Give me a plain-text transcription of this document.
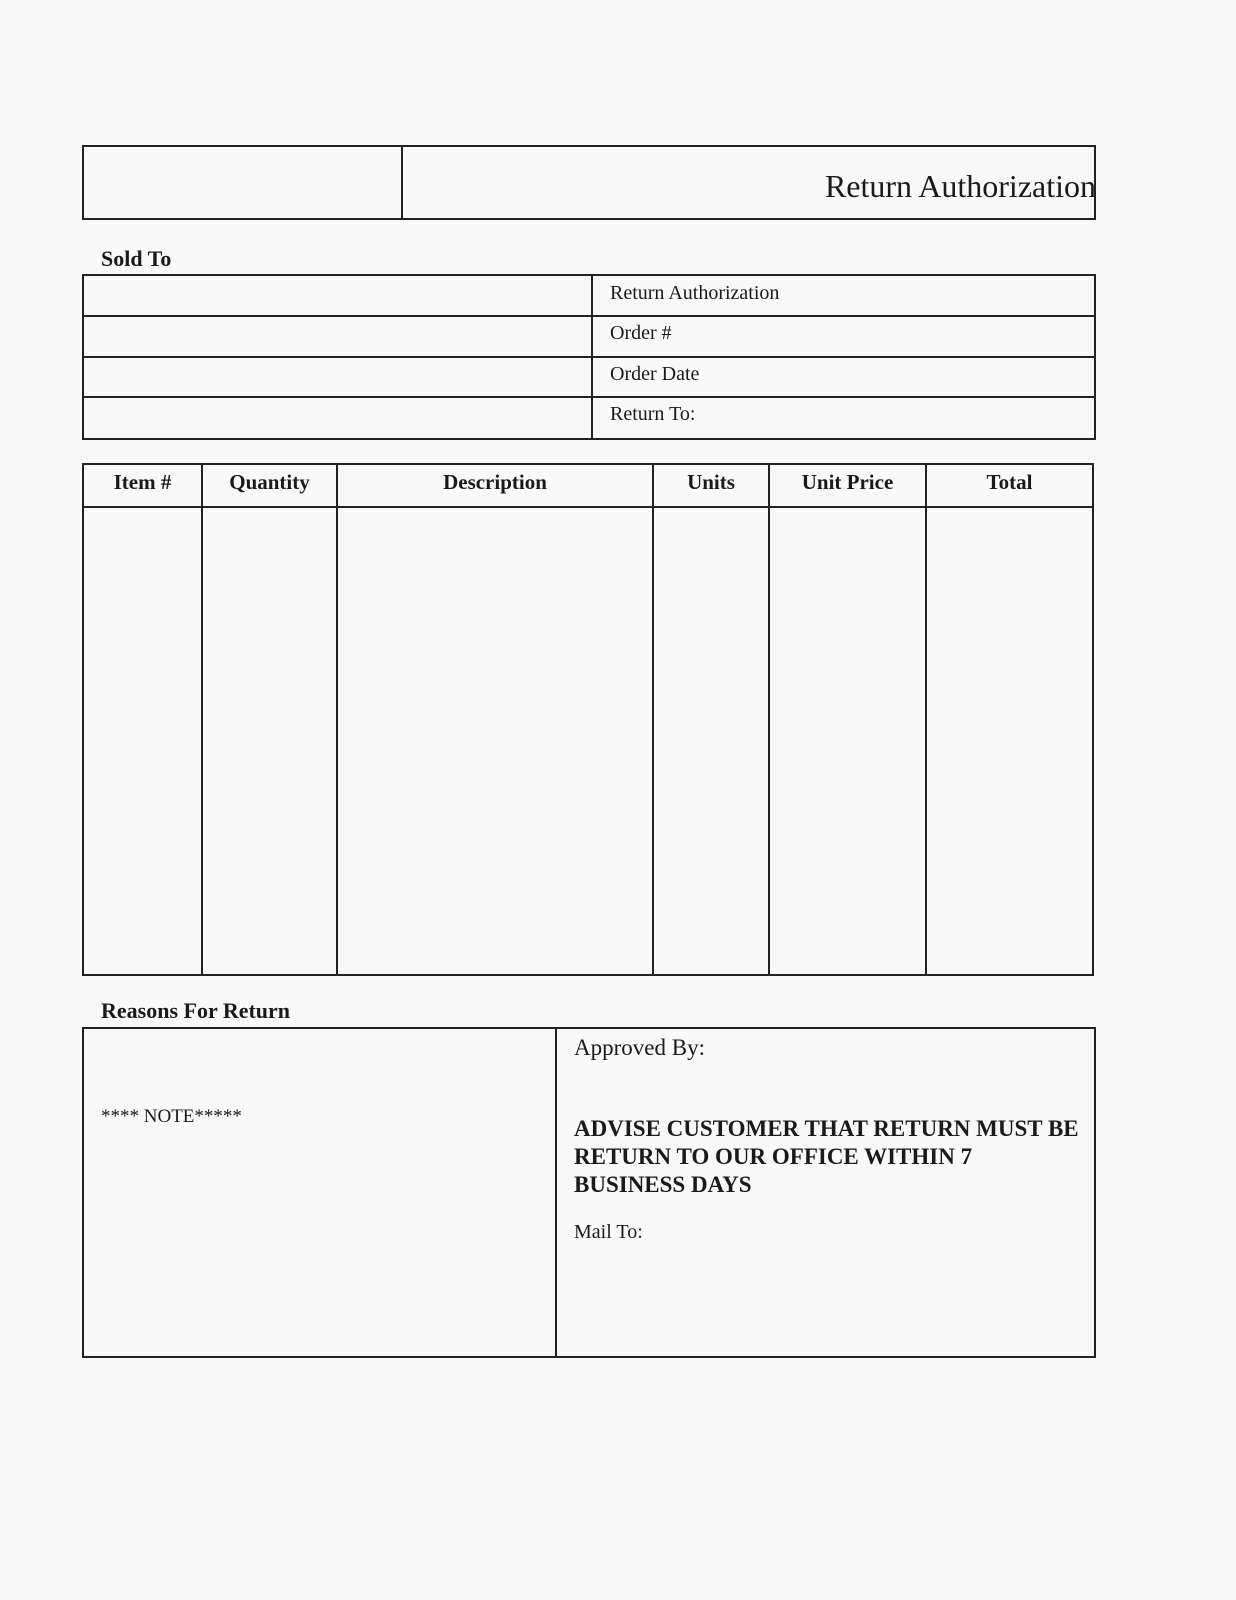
Return Authorization
Sold To
Return Authorization
Order #
Order Date
Return To:
Item #	Quantity	Description	Units	Unit Price	Total
Reasons For Return
**** NOTE*****
Approved By:
ADVISE CUSTOMER THAT RETURN MUST BE RETURN TO OUR OFFICE WITHIN 7 BUSINESS DAYS
Mail To:
